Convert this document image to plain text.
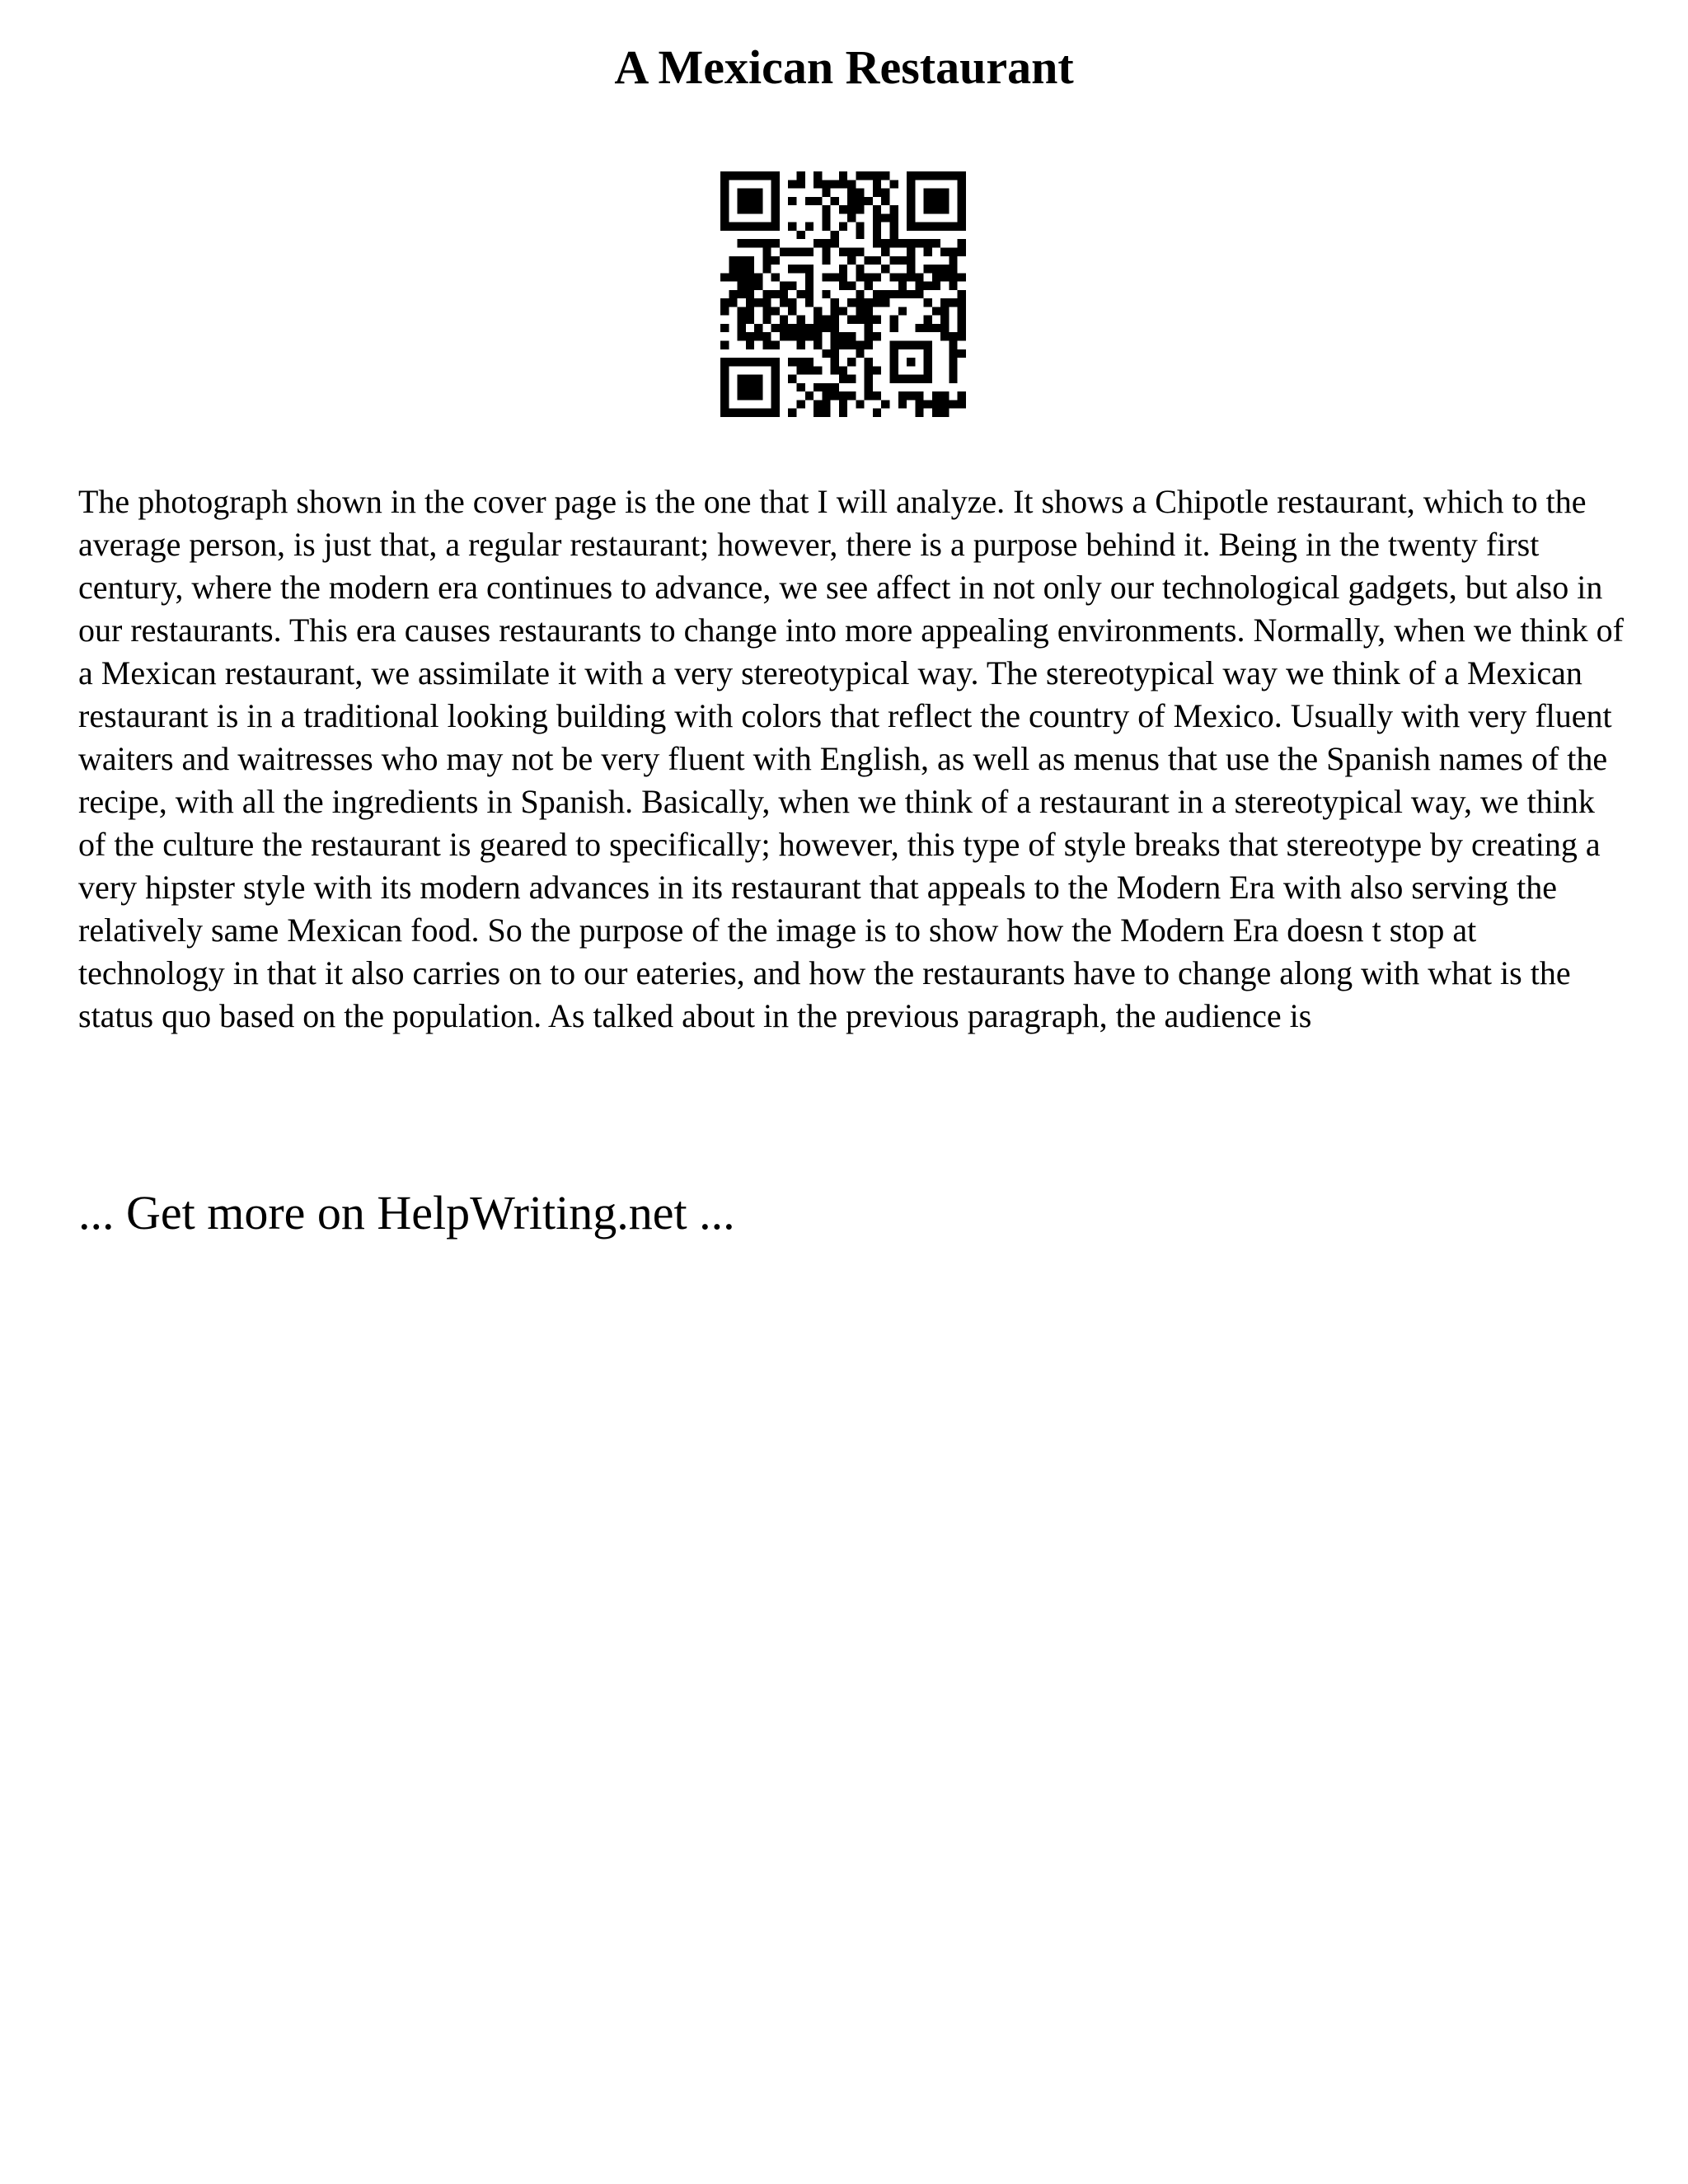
A Mexican Restaurant

The photograph shown in the cover page is the one that I will analyze. It shows a Chipotle restaurant, which to the average person, is just that, a regular restaurant; however, there is a purpose behind it. Being in the twenty first century, where the modern era continues to advance, we see affect in not only our technological gadgets, but also in our restaurants. This era causes restaurants to change into more appealing environments. Normally, when we think of a Mexican restaurant, we assimilate it with a very stereotypical way. The stereotypical way we think of a Mexican restaurant is in a traditional looking building with colors that reflect the country of Mexico. Usually with very fluent waiters and waitresses who may not be very fluent with English, as well as menus that use the Spanish names of the recipe, with all the ingredients in Spanish. Basically, when we think of a restaurant in a stereotypical way, we think of the culture the restaurant is geared to specifically; however, this type of style breaks that stereotype by creating a very hipster style with its modern advances in its restaurant that appeals to the Modern Era with also serving the relatively same Mexican food. So the purpose of the image is to show how the Modern Era doesn t stop at technology in that it also carries on to our eateries, and how the restaurants have to change along with what is the status quo based on the population. As talked about in the previous paragraph, the audience is

... Get more on HelpWriting.net ...
